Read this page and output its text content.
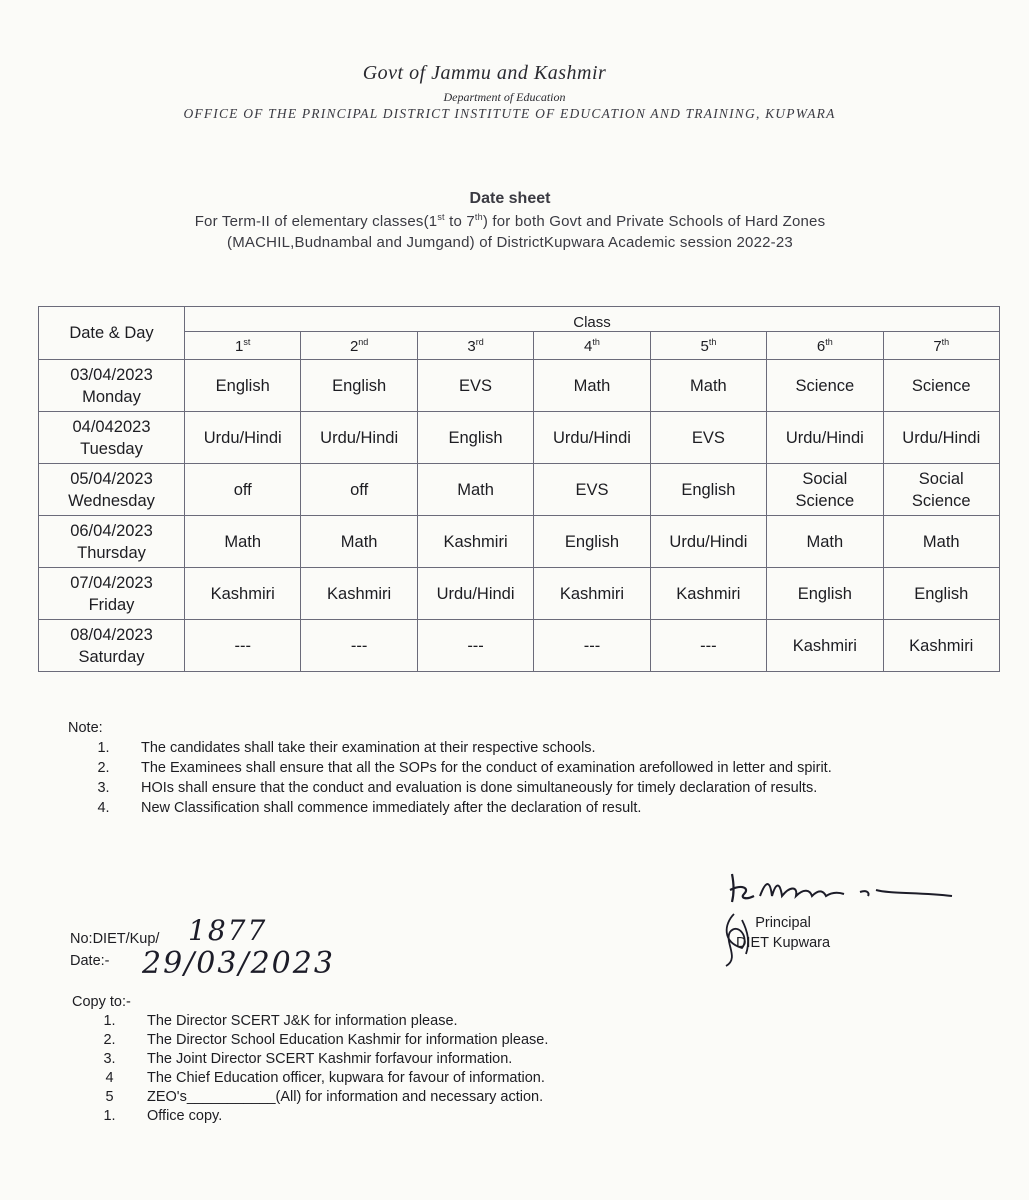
Govt of Jammu and Kashmir
Department of Education
OFFICE OF THE PRINCIPAL DISTRICT INSTITUTE OF EDUCATION AND TRAINING, KUPWARA
Date sheet
For Term-II of elementary classes(1st to 7th) for both Govt and Private Schools of Hard Zones
(MACHIL,Budnambal and Jumgand) of DistrictKupwara Academic session 2022-23
Date & Day	Class						
	1st	2nd	3rd	4th	5th	6th	7th

03/04/2023
Monday	English	English	EVS	Math	Math	Science	Science

04/042023
Tuesday	Urdu/Hindi	Urdu/Hindi	English	Urdu/Hindi	EVS	Urdu/Hindi	Urdu/Hindi

05/04/2023
Wednesday	off	off	Math	EVS	English	Social Science	Social Science

06/04/2023
Thursday	Math	Math	Kashmiri	English	Urdu/Hindi	Math	Math

07/04/2023
Friday	Kashmiri	Kashmiri	Urdu/Hindi	Kashmiri	Kashmiri	English	English

08/04/2023
Saturday	---	---	---	---	---	Kashmiri	Kashmiri
Note:
1.	The candidates shall take their examination at their respective schools.
2.	The Examinees shall ensure that all the SOPs for the conduct of examination arefollowed in letter and spirit.
3.	HOIs shall ensure that the conduct and evaluation is done simultaneously for timely declaration of results.
4.	New Classification shall commence immediately after the declaration of result.
No:DIET/Kup/
Date:-
1877
29/03/2023
Principal
DIET Kupwara
Copy to:-
1.	The Director SCERT J&K for information please.
2.	The Director School Education Kashmir for information please.
3.	The Joint Director SCERT Kashmir forfavour information.
4	The Chief Education officer, kupwara for favour of information.
5	ZEO's___________(All) for information and necessary action.
1.	Office copy.
